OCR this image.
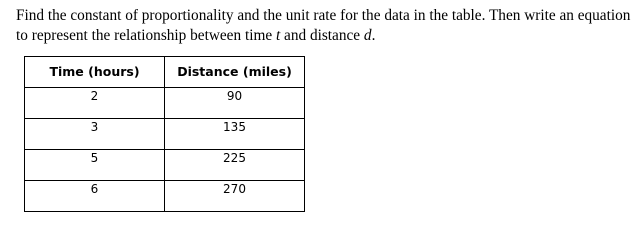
Find the constant of proportionality and the unit rate for the data in the table. Then write an equation
to represent the relationship between time t and distance d.

Time (hours)	Distance (miles)
2	90
3	135
5	225
6	270
